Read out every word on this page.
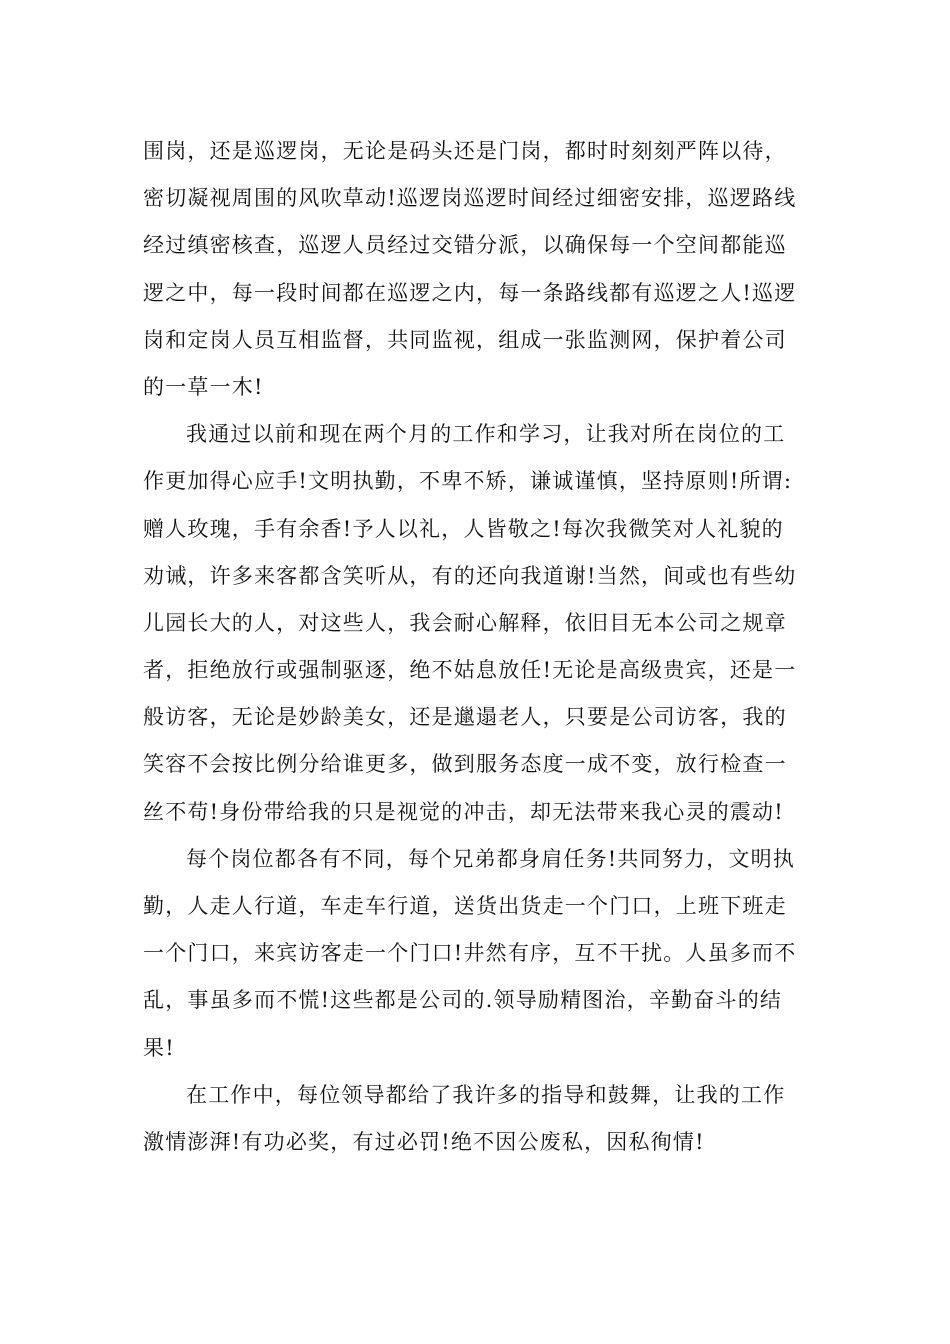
围岗，还是巡逻岗，无论是码头还是门岗，都时时刻刻严阵以待，
密切凝视周围的风吹草动!巡逻岗巡逻时间经过细密安排，巡逻路线
经过缜密核查，巡逻人员经过交错分派，以确保每一个空间都能巡
逻之中，每一段时间都在巡逻之内，每一条路线都有巡逻之人!巡逻
岗和定岗人员互相监督，共同监视，组成一张监测网，保护着公司
的一草一木!
我通过以前和现在两个月的工作和学习，让我对所在岗位的工
作更加得心应手!文明执勤，不卑不矫，谦诚谨慎，坚持原则!所谓:
赠人玫瑰，手有余香!予人以礼，人皆敬之!每次我微笑对人礼貌的
劝诫，许多来客都含笑听从，有的还向我道谢!当然，间或也有些幼
儿园长大的人，对这些人，我会耐心解释，依旧目无本公司之规章
者，拒绝放行或强制驱逐，绝不姑息放任!无论是高级贵宾，还是一
般访客，无论是妙龄美女，还是邋遢老人，只要是公司访客，我的
笑容不会按比例分给谁更多，做到服务态度一成不变，放行检查一
丝不苟!身份带给我的只是视觉的冲击，却无法带来我心灵的震动!
每个岗位都各有不同，每个兄弟都身肩任务!共同努力，文明执
勤，人走人行道，车走车行道，送货出货走一个门口，上班下班走
一个门口，来宾访客走一个门口!井然有序，互不干扰。人虽多而不
乱，事虽多而不慌!这些都是公司的.领导励精图治，辛勤奋斗的结
果!
在工作中，每位领导都给了我许多的指导和鼓舞，让我的工作
激情澎湃!有功必奖，有过必罚!绝不因公废私，因私徇情!
